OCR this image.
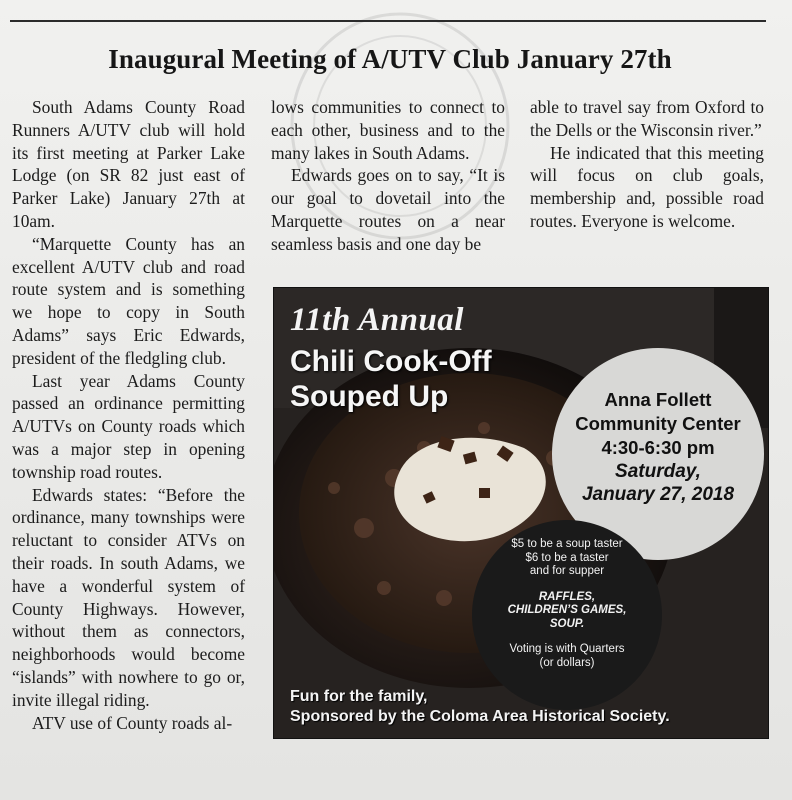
Inaugural Meeting of A/UTV Club January 27th

South Adams County Road Runners A/UTV club will hold its first meeting at Parker Lake Lodge (on SR 82 just east of Parker Lake) January 27th at 10am.

“Marquette County has an excellent A/UTV club and road route system and is something we hope to copy in South Adams” says Eric Edwards, president of the fledgling club.

Last year Adams County passed an ordinance permitting A/UTVs on County roads which was a major step in opening township road routes.

Edwards states: “Before the ordinance, many townships were reluctant to consider ATVs on their roads. In south Adams, we have a wonderful system of County Highways. However, without them as connectors, neighborhoods would become “islands” with nowhere to go or, invite illegal riding.

ATV use of County roads al-

lows communities to connect to each other, business and to the many lakes in South Adams.

Edwards goes on to say, “It is our goal to dovetail into the Marquette routes on a near seamless basis and one day be

able to travel say from Oxford to the Dells or the Wisconsin river.”

He indicated that this meeting will focus on club goals, membership and, possible road routes. Everyone is welcome.

11th Annual
Chili Cook-Off
Souped Up	Anna Follett
Community Center
4:30-6:30 pm
Saturday,
January 27, 2018
$5 to be a soup taster
$6 to be a taster
and for supper
RAFFLES,
CHILDREN’S GAMES,
SOUP.
Voting is with Quarters
(or dollars)
Fun for the family,
Sponsored by the Coloma Area Historical Society.
